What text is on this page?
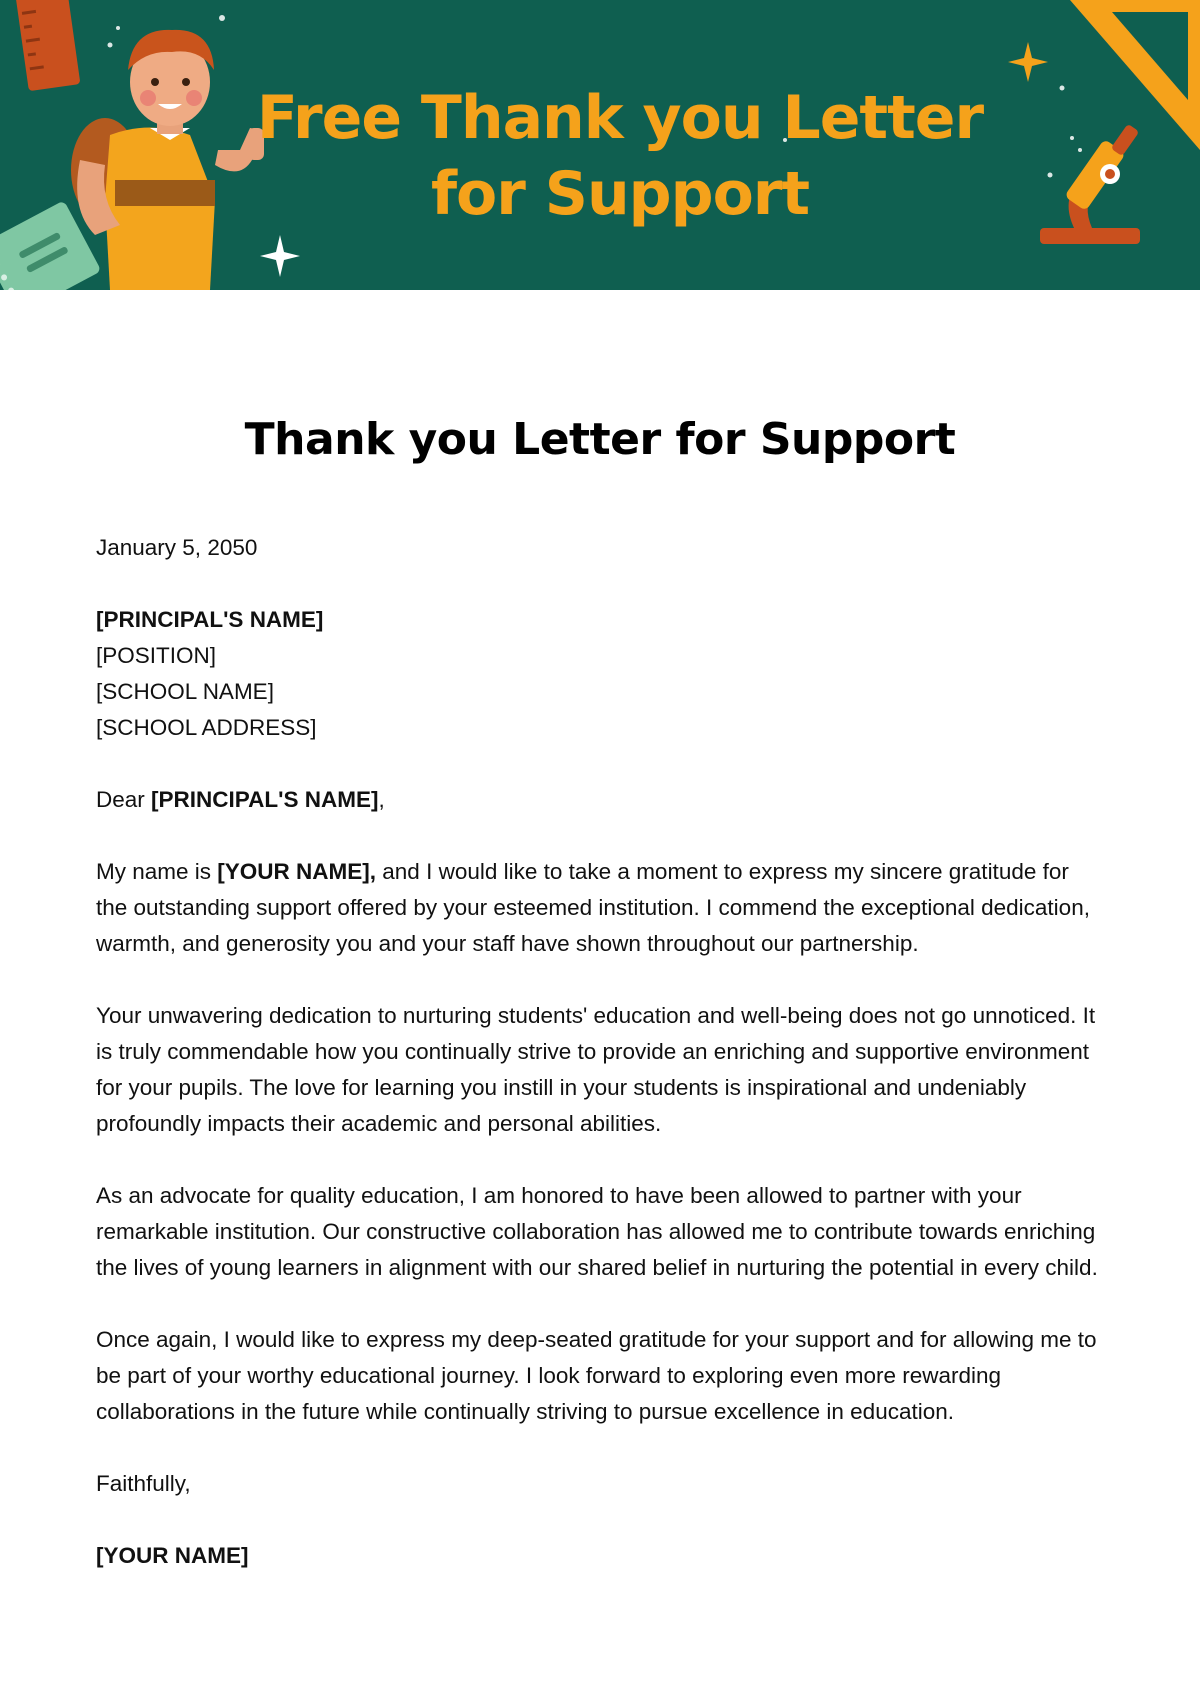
Free Thank you Letter
for Support
Thank you Letter for Support

January 5, 2050

[PRINCIPAL'S NAME]
[POSITION]
[SCHOOL NAME]
[SCHOOL ADDRESS]

Dear [PRINCIPAL'S NAME],

My name is [YOUR NAME], and I would like to take a moment to express my sincere gratitude for the outstanding support offered by your esteemed institution. I commend the exceptional dedication, warmth, and generosity you and your staff have shown throughout our partnership.

Your unwavering dedication to nurturing students' education and well-being does not go unnoticed. It is truly commendable how you continually strive to provide an enriching and supportive environment for your pupils. The love for learning you instill in your students is inspirational and undeniably profoundly impacts their academic and personal abilities.

As an advocate for quality education, I am honored to have been allowed to partner with your remarkable institution. Our constructive collaboration has allowed me to contribute towards enriching the lives of young learners in alignment with our shared belief in nurturing the potential in every child.

Once again, I would like to express my deep-seated gratitude for your support and for allowing me to be part of your worthy educational journey. I look forward to exploring even more rewarding collaborations in the future while continually striving to pursue excellence in education.

Faithfully,

[YOUR NAME]
